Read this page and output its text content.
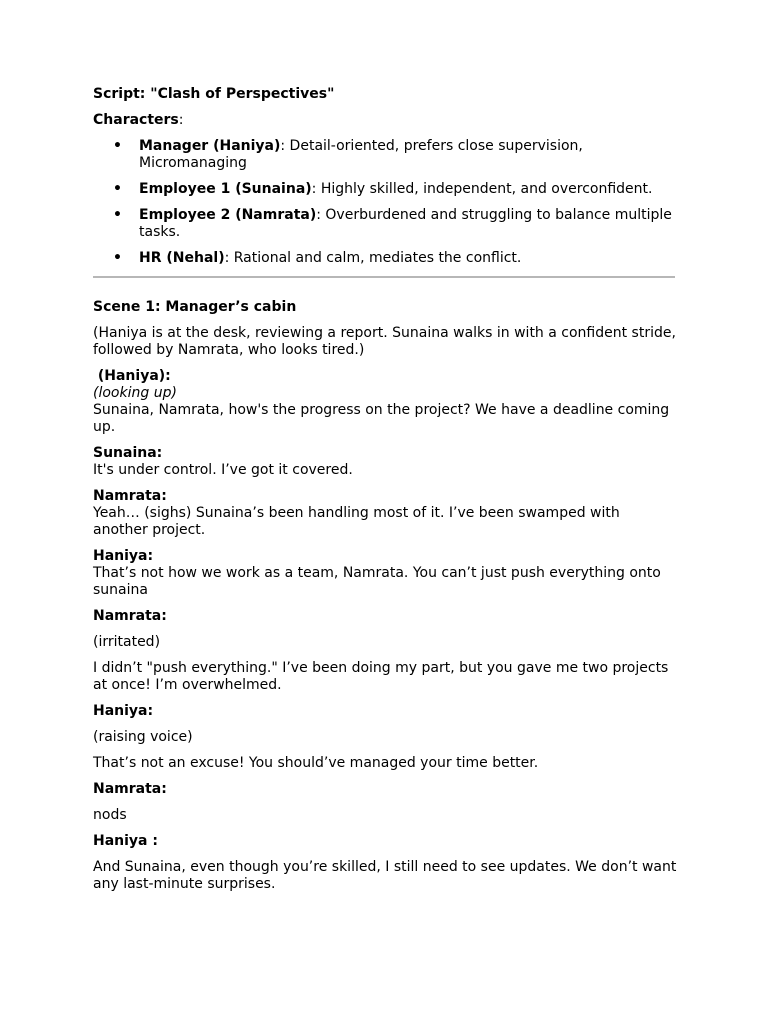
Script: "Clash of Perspectives"

Characters:

• Manager (Haniya): Detail-oriented, prefers close supervision, Micromanaging
• Employee 1 (Sunaina): Highly skilled, independent, and overconfident.
• Employee 2 (Namrata): Overburdened and struggling to balance multiple tasks.
• HR (Nehal): Rational and calm, mediates the conflict.

Scene 1: Manager’s cabin

(Haniya is at the desk, reviewing a report. Sunaina walks in with a confident stride, followed by Namrata, who looks tired.)

(Haniya):

(looking up)

Sunaina, Namrata, how's the progress on the project? We have a deadline coming up.

Sunaina:

It's under control. I’ve got it covered.

Namrata:

Yeah… (sighs) Sunaina’s been handling most of it. I’ve been swamped with another project.

Haniya:

That’s not how we work as a team, Namrata. You can’t just push everything onto sunaina

Namrata:

(irritated)

I didn’t "push everything." I’ve been doing my part, but you gave me two projects at once! I’m overwhelmed.

Haniya:

(raising voice)

That’s not an excuse! You should’ve managed your time better.

Namrata:

nods

Haniya :

And Sunaina, even though you’re skilled, I still need to see updates. We don’t want any last-minute surprises.
